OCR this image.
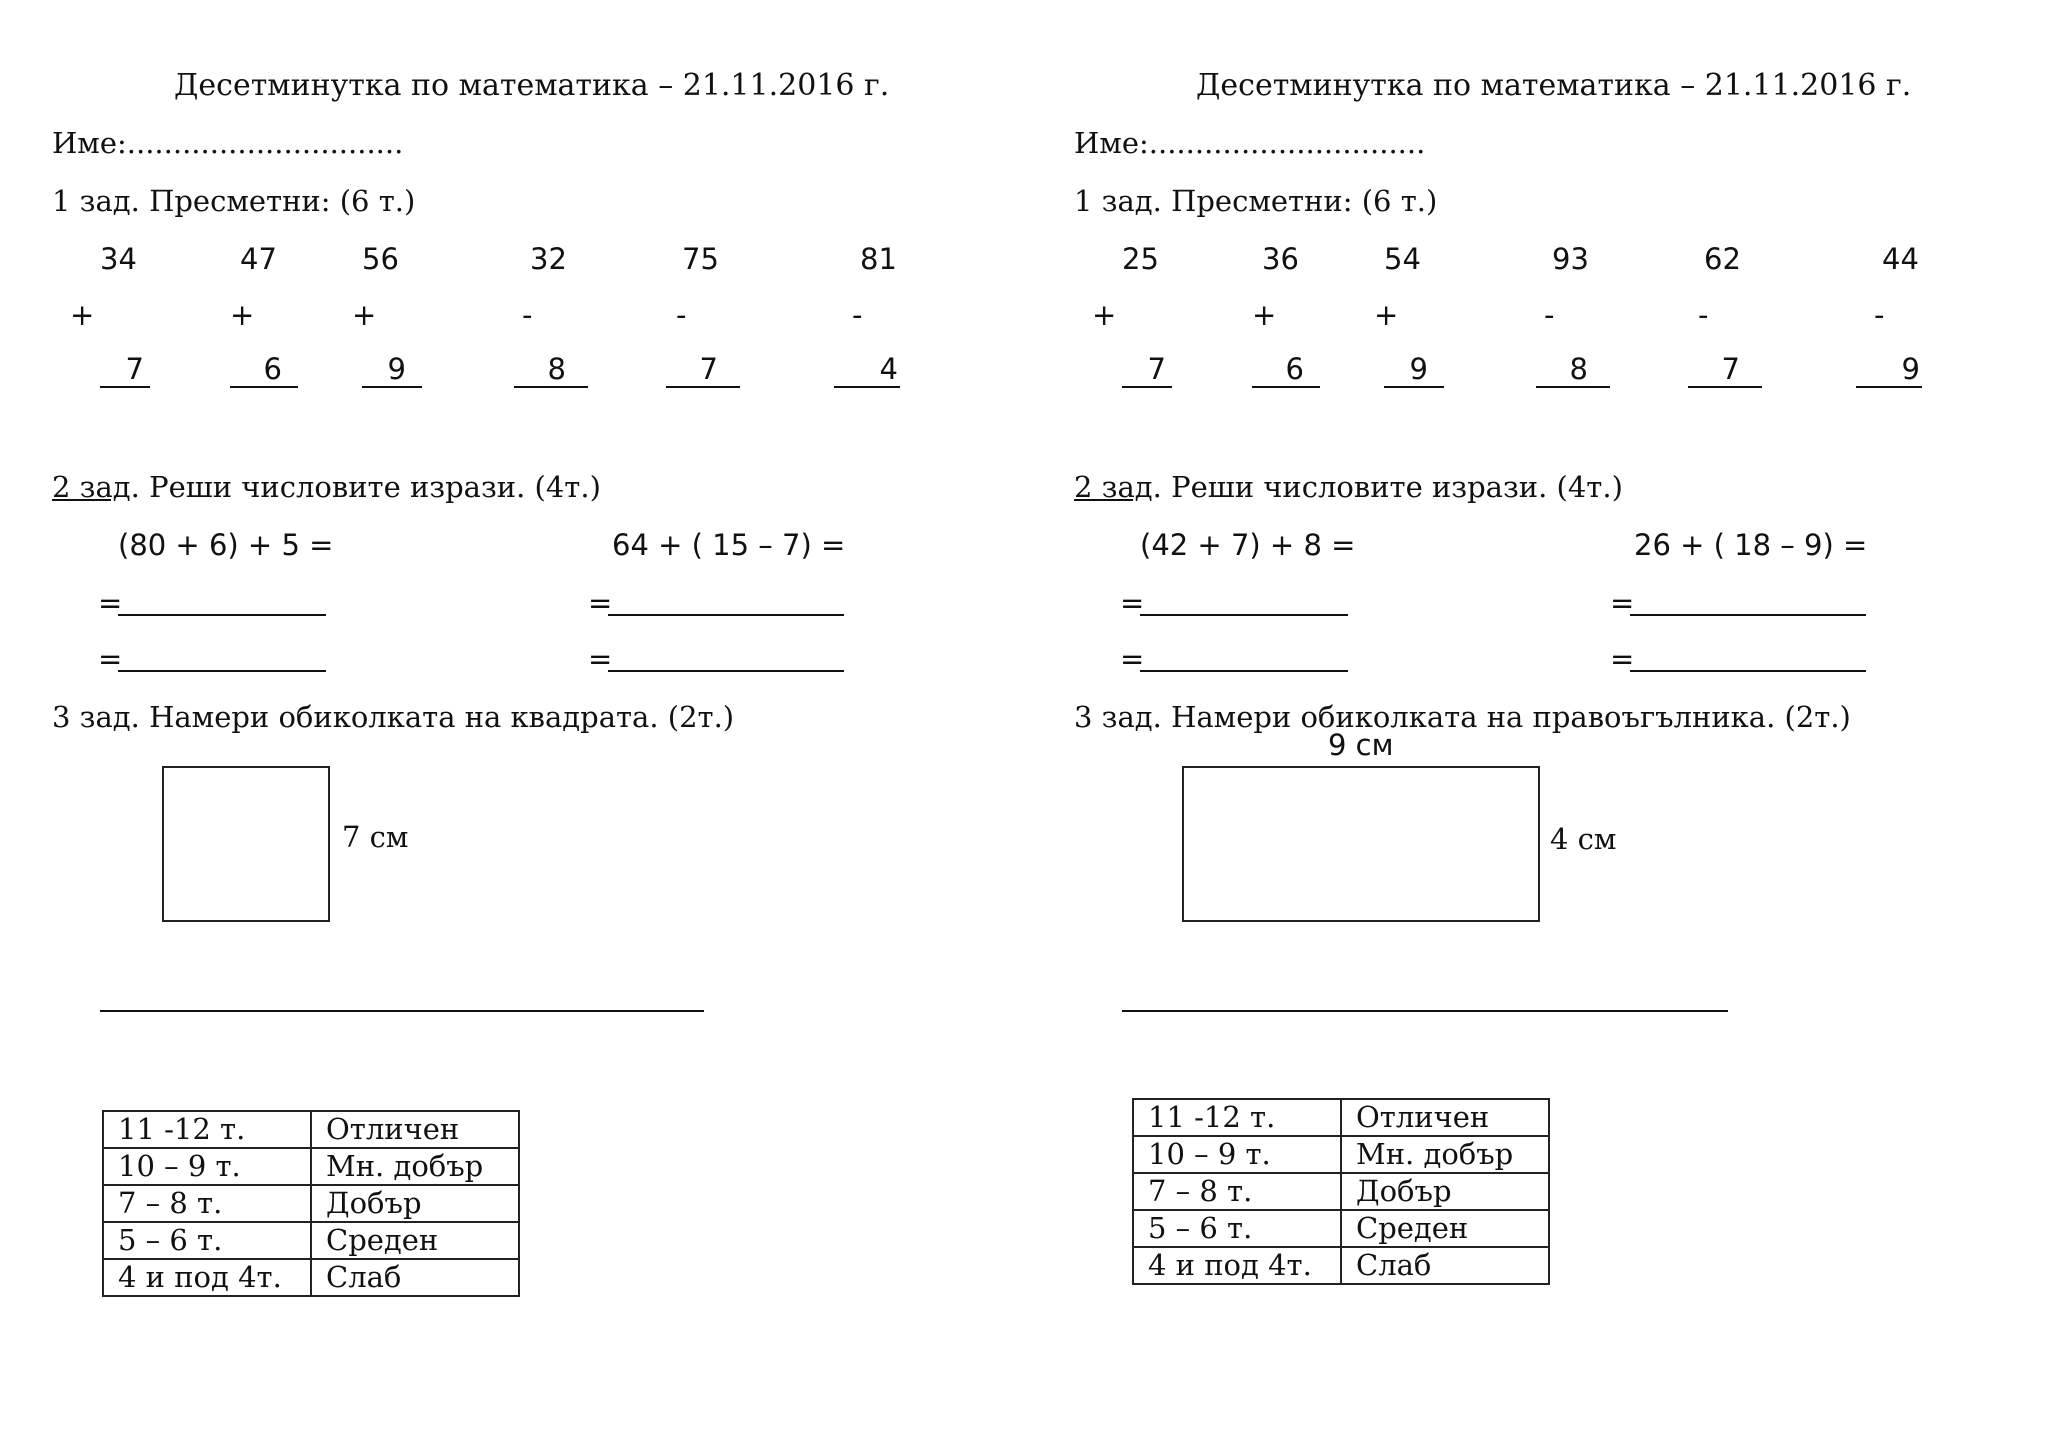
Десетминутка по математика – 21.11.2016 г.
Име:..............................
1 зад. Пресметни: (6 т.)
34
+
7
47
+
6
56
+
9
32
-
8
75
-
7
81
-
4
2 зад. Реши числовите изрази. (4т.)
(80 + 6) + 5 =	64 + ( 15 – 7) =
=	=
=	=
3 зад. Намери обиколката на квадрата. (2т.)
7 см
11 -12 т.	Отличен
10 – 9 т.	Мн. добър
7 – 8 т.	Добър
5 – 6 т.	Среден
4 и под 4т.	Слаб
Десетминутка по математика – 21.11.2016 г.
Име:..............................
1 зад. Пресметни: (6 т.)
25
+
7
36
+
6
54
+
9
93
-
8
62
-
7
44
-
9
2 зад. Реши числовите изрази. (4т.)
(42 + 7) + 8 =	26 + ( 18 – 9) =
=	=
=	=
3 зад. Намери обиколката на правоъгълника. (2т.)
9 см
4 см
11 -12 т.	Отличен
10 – 9 т.	Мн. добър
7 – 8 т.	Добър
5 – 6 т.	Среден
4 и под 4т.	Слаб
